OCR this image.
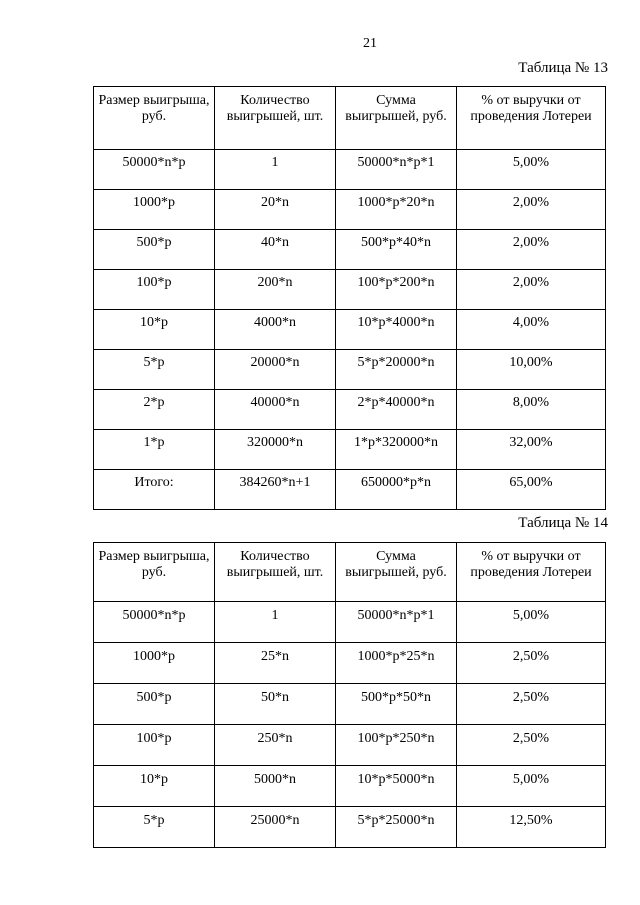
21
Таблица № 13
Размер выигрыша, руб.	Количество выигрышей, шт.	Сумма выигрышей, руб.	% от выручки от проведения Лотереи
50000*n*p	1	50000*n*p*1	5,00%
1000*p	20*n	1000*p*20*n	2,00%
500*p	40*n	500*p*40*n	2,00%
100*p	200*n	100*p*200*n	2,00%
10*p	4000*n	10*p*4000*n	4,00%
5*p	20000*n	5*p*20000*n	10,00%
2*p	40000*n	2*p*40000*n	8,00%
1*p	320000*n	1*p*320000*n	32,00%
Итого:	384260*n+1	650000*p*n	65,00%
Таблица № 14
Размер выигрыша, руб.	Количество выигрышей, шт.	Сумма выигрышей, руб.	% от выручки от проведения Лотереи
50000*n*p	1	50000*n*p*1	5,00%
1000*p	25*n	1000*p*25*n	2,50%
500*p	50*n	500*p*50*n	2,50%
100*p	250*n	100*p*250*n	2,50%
10*p	5000*n	10*p*5000*n	5,00%
5*p	25000*n	5*p*25000*n	12,50%
